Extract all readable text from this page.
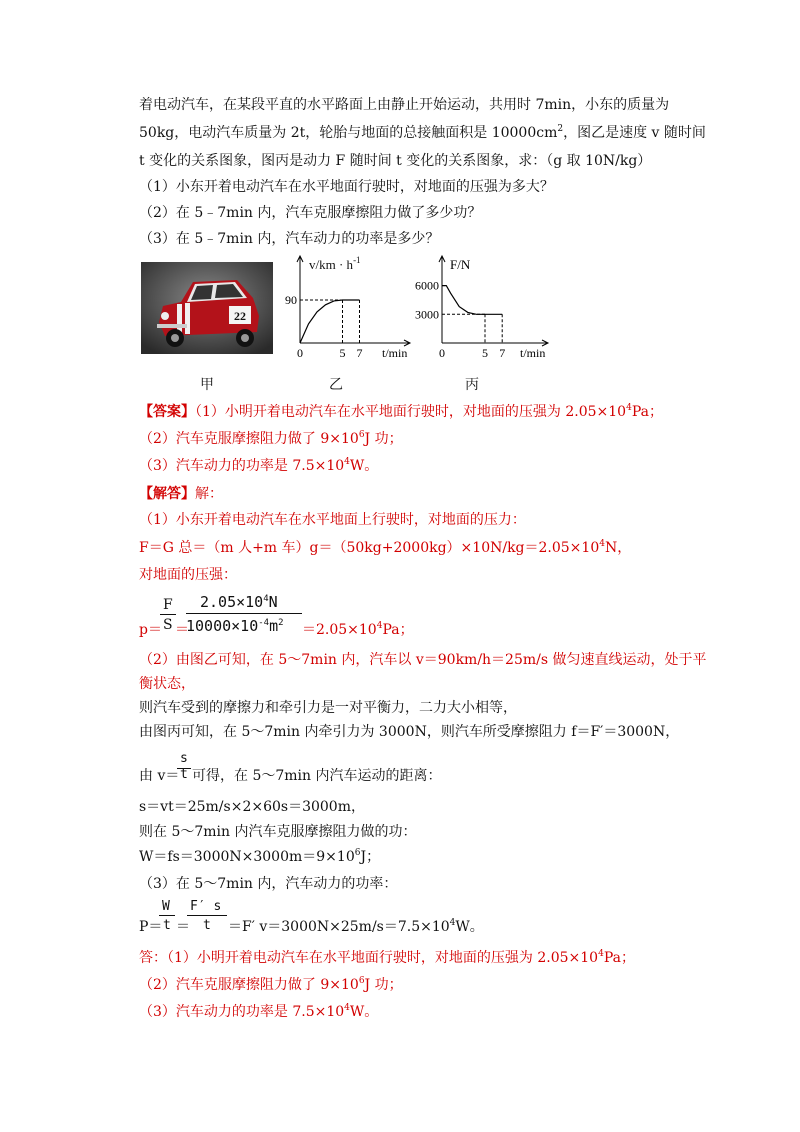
着电动汽车，在某段平直的水平路面上由静止开始运动，共用时 7min，小东的质量为
50kg，电动汽车质量为 2t，轮胎与地面的总接触面积是 $10000cm^2$，图乙是速度 v 随时间
t 变化的关系图象，图丙是动力 F 随时间 t 变化的关系图象，求：（g 取 10N/kg）
（1）小东开着电动汽车在水平地面行驶时，对地面的压强为多大？
（2）在 5﹣7min 内，汽车克服摩擦阻力做了多少功？
（3）在 5﹣7min 内，汽车动力的功率是多少？
22
0	5 7
90
t/min
$v/km \cdot h^{-1}$
0	5 7
6000
3000
t/min
F/N
甲	乙	丙
【答案】（1）小明开着电动汽车在水平地面行驶时，对地面的压强为 $2.05\times 10^4Pa$；
（2）汽车克服摩擦阻力做了 $9\times 10^6J$ 功；
（3）汽车动力的功率是 $7.5\times 10^4W$。
【解答】解：
（1）小东开着电动汽车在水平地面上行驶时，对地面的压力：
F＝G 总＝（m 人+m 车）$g=(50kg+2000kg)\times 10N/kg=2.05\times 10^4N$，
对地面的压强：
F
S
$2.05\times 10^4N$
$10000\times 10^{-4}m^2$
p＝ ＝	$=2.05\times 10^4Pa$；
（2）由图乙可知，在 5～7min 内，汽车以 v＝90km/h＝25m/s 做匀速直线运动，处于平
衡状态，
则汽车受到的摩擦力和牵引力是一对平衡力，二力大小相等，
由图丙可知，在 5～7min 内牵引力为 3000N，则汽车所受摩擦阻力 f＝F′＝3000N，
s
由 v＝ t 可得，在 5～7min 内汽车运动的距离：
s＝vt＝25m/s×2×60s＝3000m，
则在 5～7min 内汽车克服摩擦阻力做的功：
$W=fs=3000N\times 3000m=9\times 10^6J$；
（3）在 5～7min 内，汽车动力的功率：
W F′ s
P＝ t ＝ t ＝F′ $v=3000N\times 25m/s=7.5\times 10^4W$。
答：（1）小明开着电动汽车在水平地面行驶时，对地面的压强为 $2.05\times 10^4Pa$；
（2）汽车克服摩擦阻力做了 $9\times 10^6J$ 功；
（3）汽车动力的功率是 $7.5\times 10^4W$。
